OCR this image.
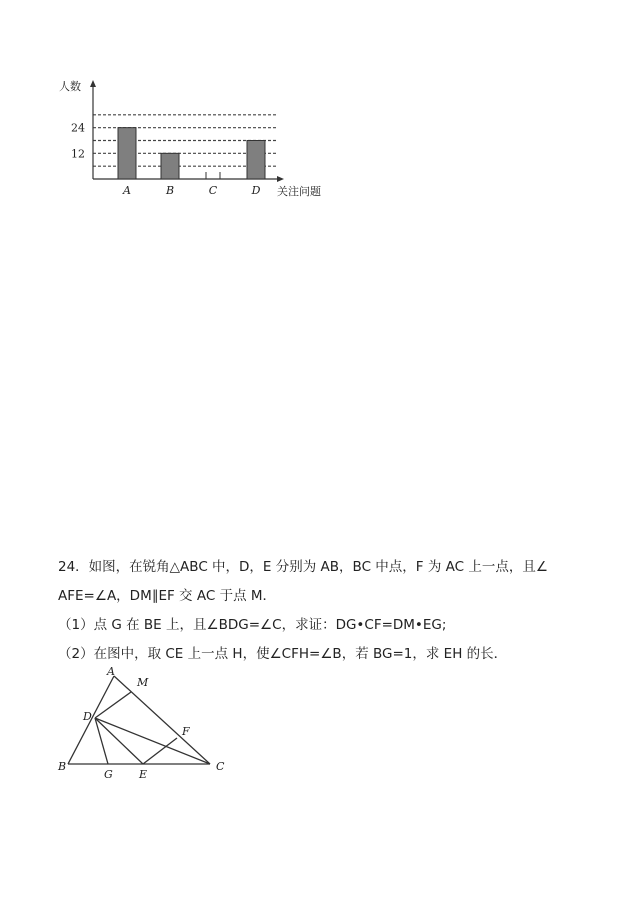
人数
关注问题
12
24
A	B	C	D

24．如图，在锐角△ABC 中，D，E 分别为 AB，BC 中点，F 为 AC 上一点，且∠

AFE=∠A，DM∥EF 交 AC 于点 M．

（1）点 G 在 BE 上，且∠BDG=∠C，求证：DG•CF=DM•EG;

（2）在图中，取 CE 上一点 H，使∠CFH=∠B，若 BG=1，求 EH 的长．

A
M
D
F
B
G E
C
